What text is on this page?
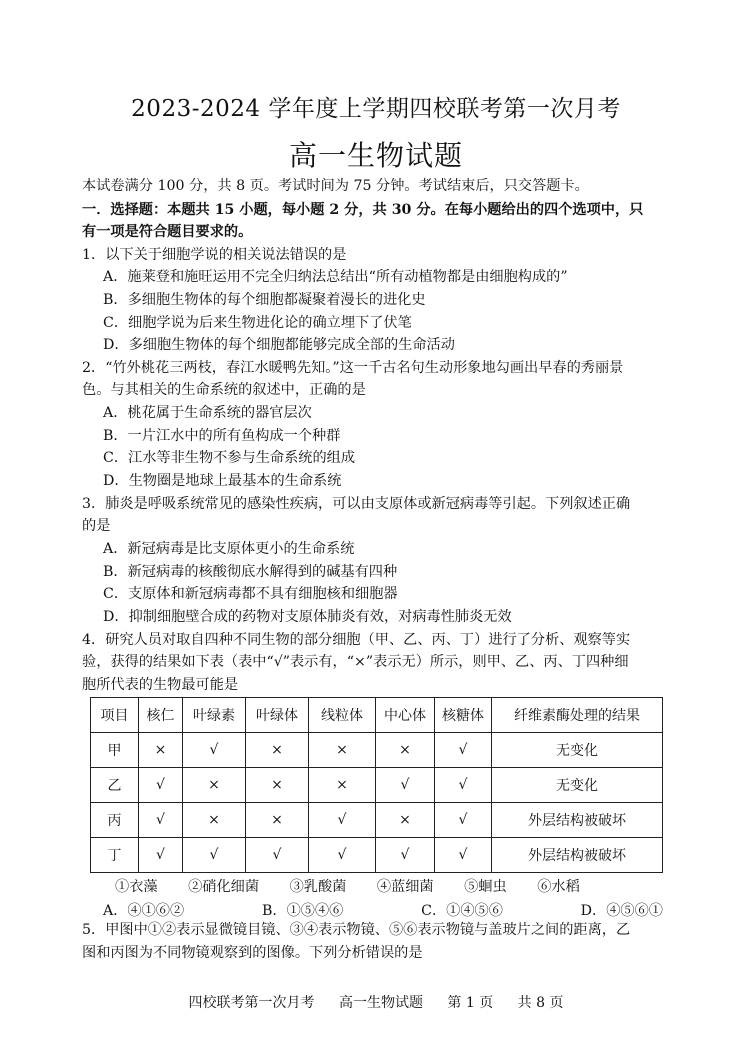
2023-2024 学年度上学期四校联考第一次月考
高一生物试题
本试卷满分 100 分，共 8 页。考试时间为 75 分钟。考试结束后，只交答题卡。
一．选择题：本题共 15 小题，每小题 2 分，共 30 分。在每小题给出的四个选项中，只
有一项是符合题目要求的。
1．以下关于细胞学说的相关说法错误的是
A．施莱登和施旺运用不完全归纳法总结出“所有动植物都是由细胞构成的”
B．多细胞生物体的每个细胞都凝聚着漫长的进化史
C．细胞学说为后来生物进化论的确立埋下了伏笔
D．多细胞生物体的每个细胞都能够完成全部的生命活动
2．“竹外桃花三两枝，春江水暖鸭先知。”这一千古名句生动形象地勾画出早春的秀丽景
色。与其相关的生命系统的叙述中，正确的是
A．桃花属于生命系统的器官层次
B．一片江水中的所有鱼构成一个种群
C．江水等非生物不参与生命系统的组成
D．生物圈是地球上最基本的生命系统
3．肺炎是呼吸系统常见的感染性疾病，可以由支原体或新冠病毒等引起。下列叙述正确
的是
A．新冠病毒是比支原体更小的生命系统
B．新冠病毒的核酸彻底水解得到的碱基有四种
C．支原体和新冠病毒都不具有细胞核和细胞器
D．抑制细胞壁合成的药物对支原体肺炎有效，对病毒性肺炎无效
4．研究人员对取自四种不同生物的部分细胞（甲、乙、丙、丁）进行了分析、观察等实
验，获得的结果如下表（表中“√”表示有，“×”表示无）所示，则甲、乙、丙、丁四种细
胞所代表的生物最可能是
项目	核仁	叶绿素	叶绿体	线粒体	中心体	核糖体	纤维素酶处理的结果
甲	×	√	×	×	×	√	无变化
乙	√	×	×	×	√	√	无变化
丙	√	×	×	√	×	√	外层结构被破坏
丁	√	√	√	√	√	√	外层结构被破坏
①衣藻 ②硝化细菌 ③乳酸菌 ④蓝细菌 ⑤蛔虫 ⑥水稻
A．④①⑥②	B．①⑤④⑥	C．①④⑤⑥	D．④⑤⑥①
5．甲图中①②表示显微镜目镜、③④表示物镜、⑤⑥表示物镜与盖玻片之间的距离，乙
图和丙图为不同物镜观察到的图像。下列分析错误的是
四校联考第一次月考 高一生物试题 第 1 页 共 8 页
